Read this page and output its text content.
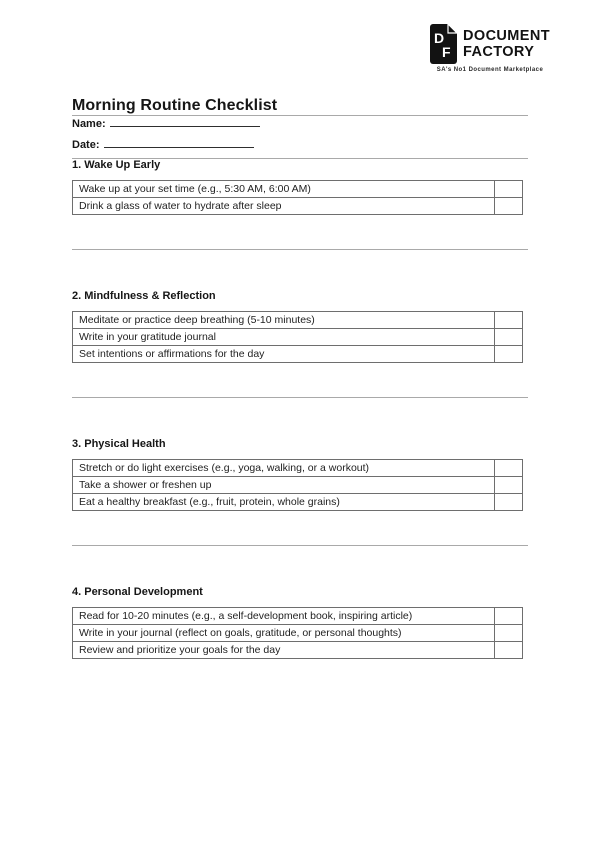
D
F
DOCUMENT
FACTORY
SA's No1 Document Marketplace
Morning Routine Checklist
Name:
Date:
1. Wake Up Early
Wake up at your set time (e.g., 5:30 AM, 6:00 AM)	
Drink a glass of water to hydrate after sleep	
2. Mindfulness & Reflection
Meditate or practice deep breathing (5-10 minutes)	
Write in your gratitude journal	
Set intentions or affirmations for the day	
3. Physical Health
Stretch or do light exercises (e.g., yoga, walking, or a workout)	
Take a shower or freshen up	
Eat a healthy breakfast (e.g., fruit, protein, whole grains)	
4. Personal Development
Read for 10-20 minutes (e.g., a self-development book, inspiring article)	
Write in your journal (reflect on goals, gratitude, or personal thoughts)	
Review and prioritize your goals for the day	
